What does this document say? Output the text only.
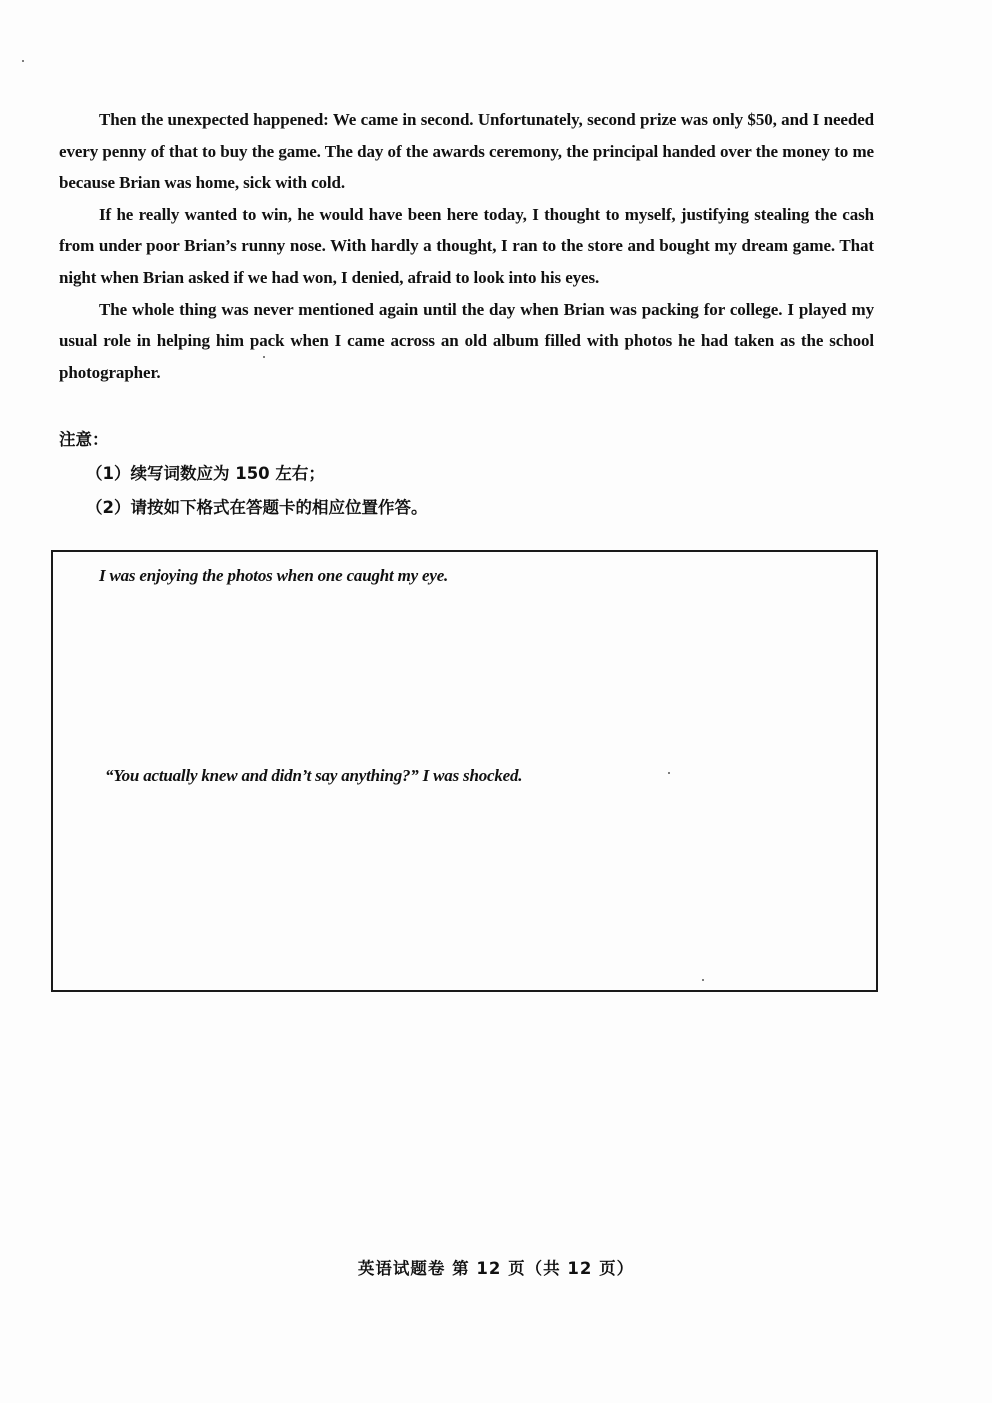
Then the unexpected happened: We came in second. Unfortunately, second prize was only $50, and I needed every penny of that to buy the game. The day of the awards ceremony, the principal handed over the money to me because Brian was home, sick with cold.

If he really wanted to win, he would have been here today, I thought to myself, justifying stealing the cash from under poor Brian’s runny nose. With hardly a thought, I ran to the store and bought my dream game. That night when Brian asked if we had won, I denied, afraid to look into his eyes.

The whole thing was never mentioned again until the day when Brian was packing for college. I played my usual role in helping him pack when I came across an old album filled with photos he had taken as the school photographer.

注意：
（1）续写词数应为 150 左右；
（2）请按如下格式在答题卡的相应位置作答。
I was enjoying the photos when one caught my eye.
“You actually knew and didn’t say anything?” I was shocked.
英语试题卷 第 12 页（共 12 页）
